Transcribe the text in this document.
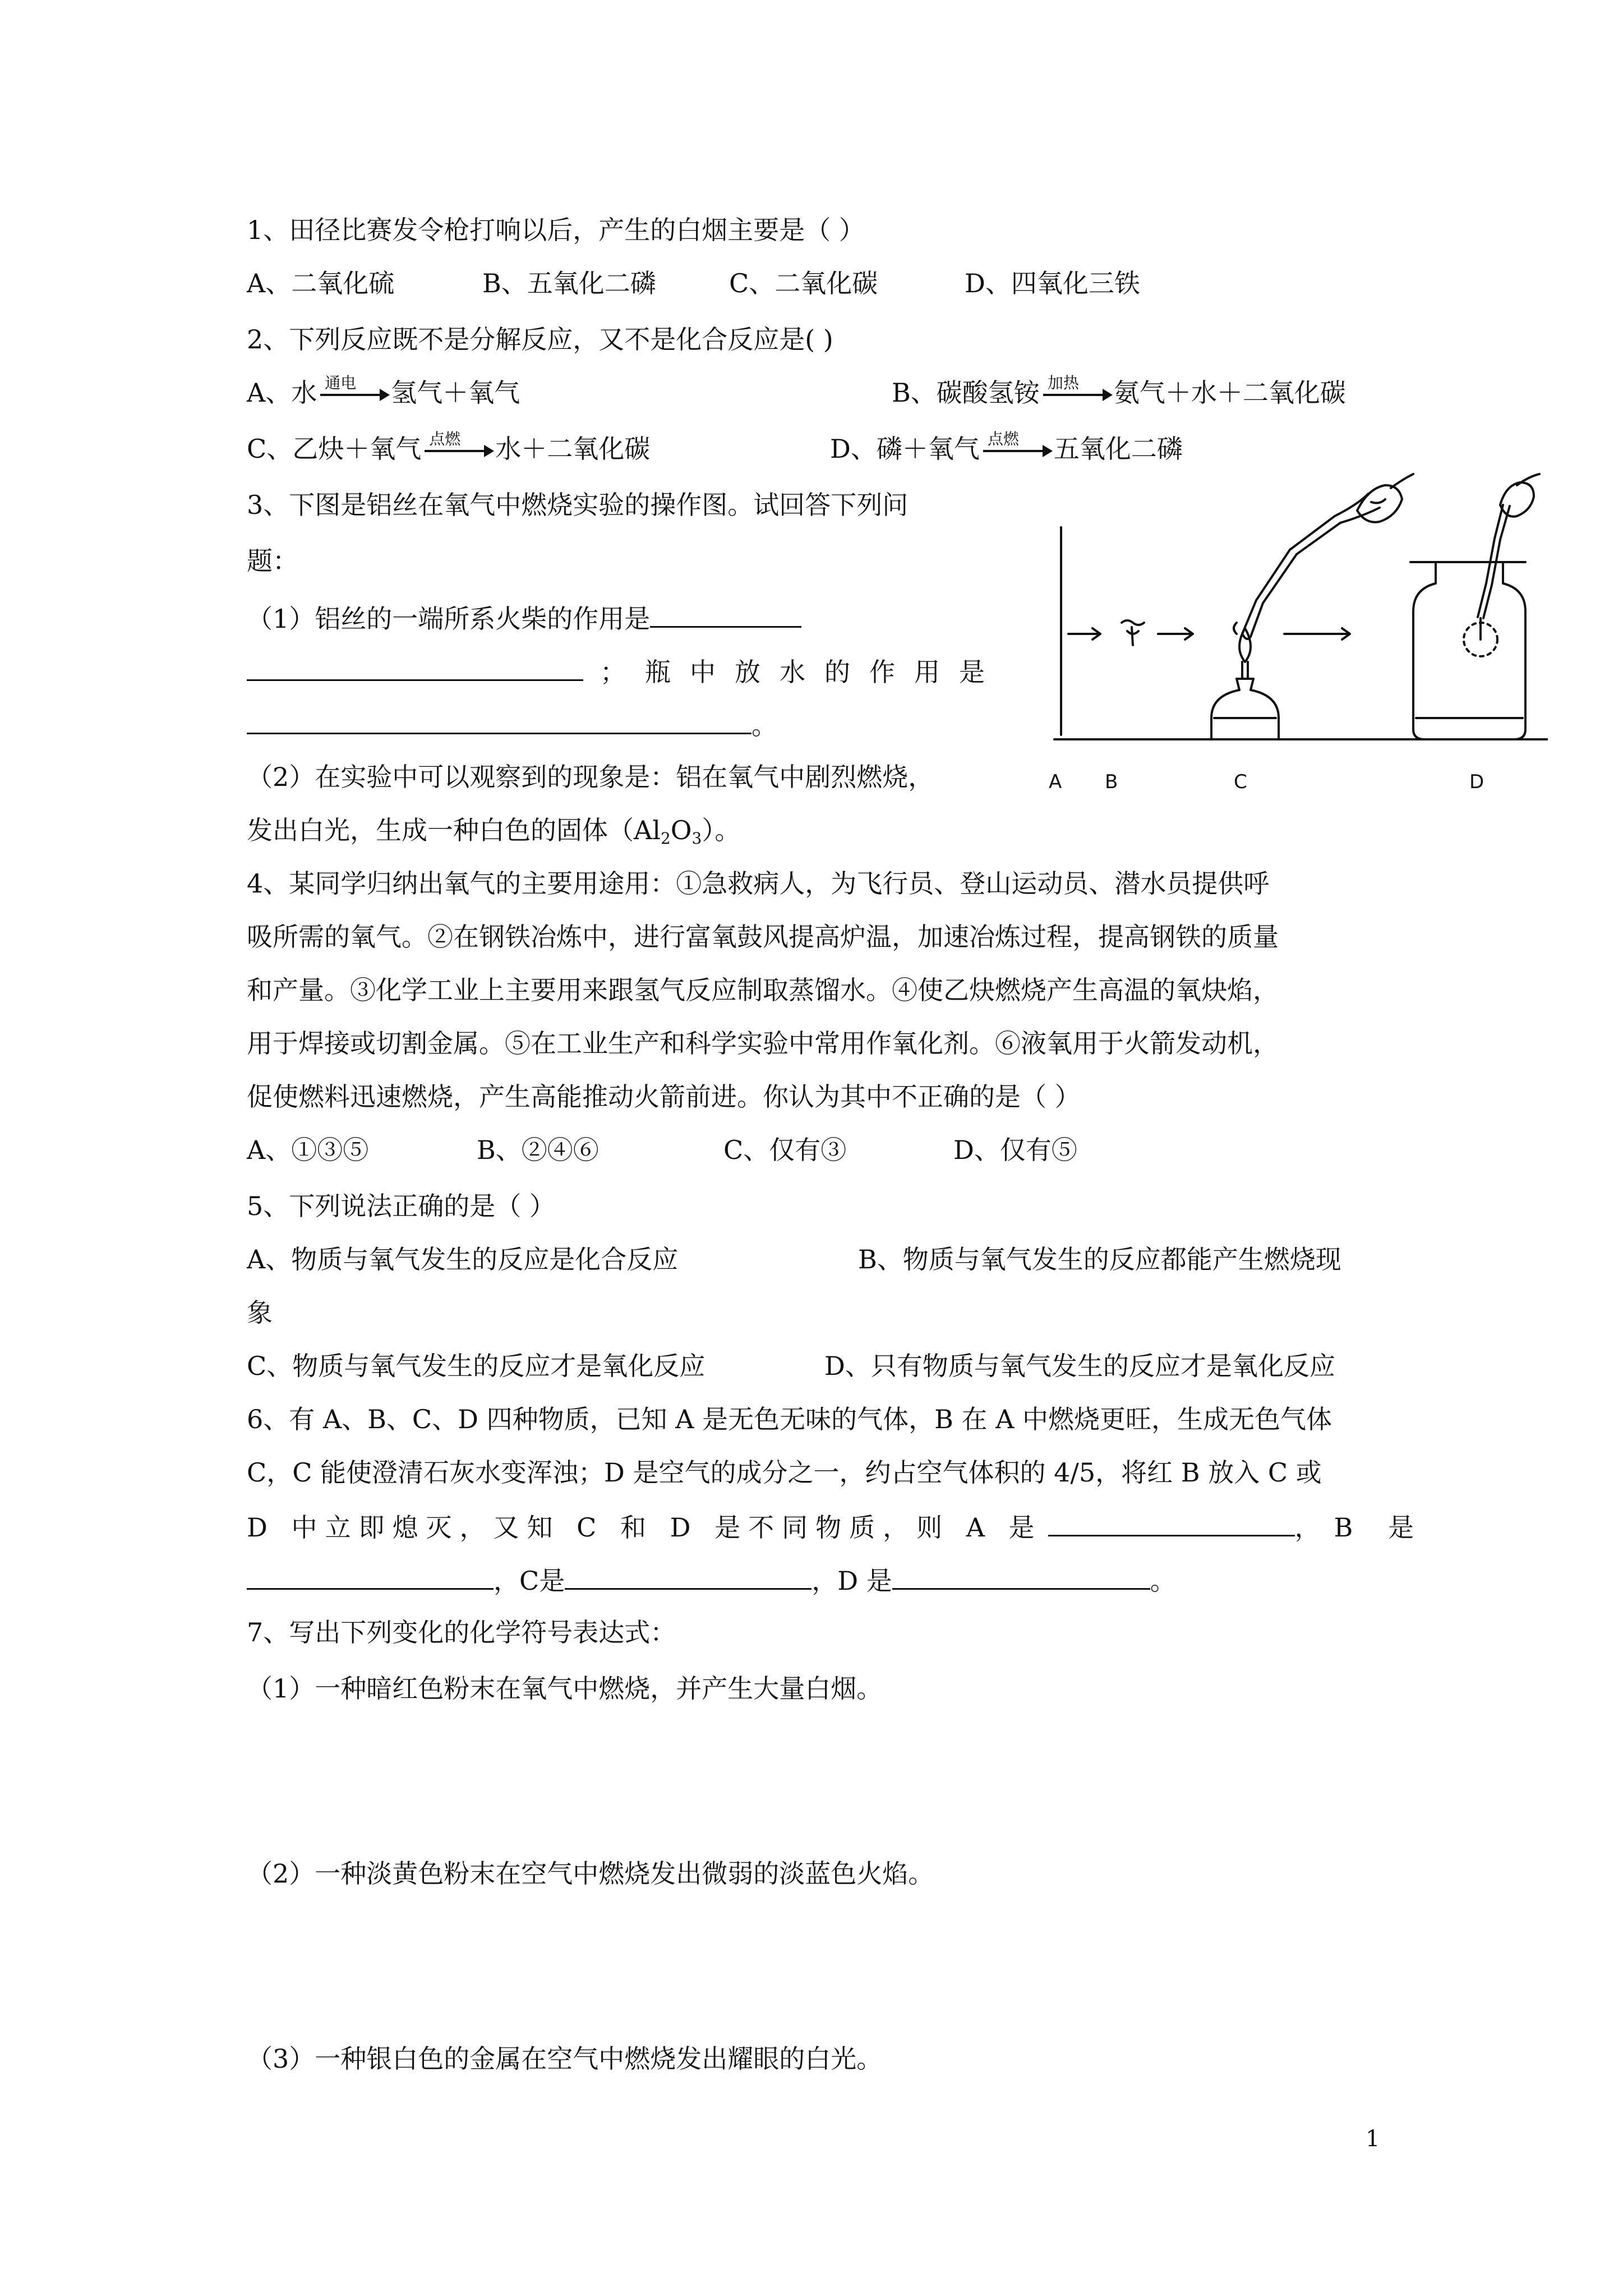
1、田径比赛发令枪打响以后，产生的白烟主要是（ ）
A、二氧化硫	B、五氧化二磷	C、二氧化碳	D、四氧化三铁
2、下列反应既不是分解反应，又不是化合反应是( )
A、水 通电 氢气＋氧气	B、碳酸氢铵 加热 氨气＋水＋二氧化碳
C、乙炔＋氧气 点燃 水＋二氧化碳	D、磷＋氧气 点燃 五氧化二磷
3、下图是铝丝在氧气中燃烧实验的操作图。试回答下列问
题：
（1）铝丝的一端所系火柴的作用是
；瓶中放水的作用是
。
（2）在实验中可以观察到的现象是：铝在氧气中剧烈燃烧，
发出白光，生成一种白色的固体$(Al_2O_3)$。
A B	C	D
4、某同学归纳出氧气的主要用途用：①急救病人，为飞行员、登山运动员、潜水员提供呼
吸所需的氧气。②在钢铁冶炼中，进行富氧鼓风提高炉温，加速冶炼过程，提高钢铁的质量
和产量。③化学工业上主要用来跟氢气反应制取蒸馏水。④使乙炔燃烧产生高温的氧炔焰，
用于焊接或切割金属。⑤在工业生产和科学实验中常用作氧化剂。⑥液氧用于火箭发动机，
促使燃料迅速燃烧，产生高能推动火箭前进。你认为其中不正确的是（ ）
A、①③⑤	B、②④⑥	C、仅有③	D、仅有⑤
5、下列说法正确的是（ ）
A、物质与氧气发生的反应是化合反应	B、物质与氧气发生的反应都能产生燃烧现
象
C、物质与氧气发生的反应才是氧化反应	D、只有物质与氧气发生的反应才是氧化反应
6、有 A、B、C、D 四种物质，已知 A 是无色无味的气体，B 在 A 中燃烧更旺，生成无色气体
C，C 能使澄清石灰水变浑浊；D 是空气的成分之一，约占空气体积的 4/5，将红 B 放入 C 或
D 中立即熄灭，又知 C 和 D 是不同物质，则 A 是	，B 是
，C是	，D 是	。
7、写出下列变化的化学符号表达式：
（1）一种暗红色粉末在氧气中燃烧，并产生大量白烟。
（2）一种淡黄色粉末在空气中燃烧发出微弱的淡蓝色火焰。
（3）一种银白色的金属在空气中燃烧发出耀眼的白光。
1
